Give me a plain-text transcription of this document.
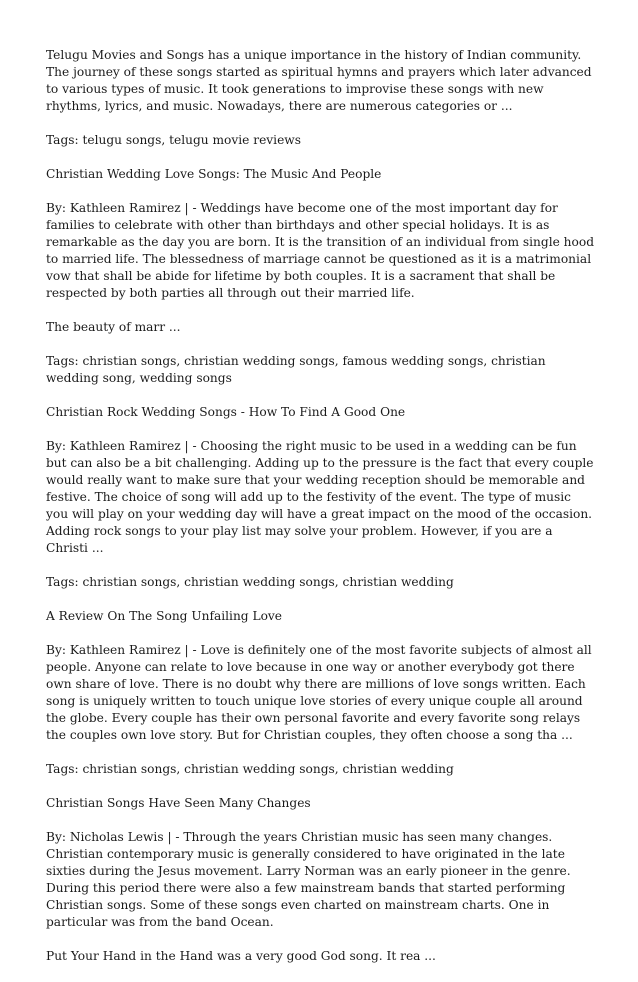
Telugu Movies and Songs has a unique importance in the history of Indian community. The journey of these songs started as spiritual hymns and prayers which later advanced to various types of music. It took generations to improvise these songs with new rhythms, lyrics, and music. Nowadays, there are numerous categories or ...

Tags: telugu songs, telugu movie reviews

Christian Wedding Love Songs: The Music And People

By: Kathleen Ramirez | - Weddings have become one of the most important day for families to celebrate with other than birthdays and other special holidays. It is as remarkable as the day you are born. It is the transition of an individual from single hood to married life. The blessedness of marriage cannot be questioned as it is a matrimonial vow that shall be abide for lifetime by both couples. It is a sacrament that shall be respected by both parties all through out their married life.

The beauty of marr ...

Tags: christian songs, christian wedding songs, famous wedding songs, christian wedding song, wedding songs

Christian Rock Wedding Songs - How To Find A Good One

By: Kathleen Ramirez | - Choosing the right music to be used in a wedding can be fun but can also be a bit challenging. Adding up to the pressure is the fact that every couple would really want to make sure that your wedding reception should be memorable and festive. The choice of song will add up to the festivity of the event. The type of music you will play on your wedding day will have a great impact on the mood of the occasion. Adding rock songs to your play list may solve your problem. However, if you are a Christi ...

Tags: christian songs, christian wedding songs, christian wedding

A Review On The Song Unfailing Love

By: Kathleen Ramirez | - Love is definitely one of the most favorite subjects of almost all people. Anyone can relate to love because in one way or another everybody got there own share of love. There is no doubt why there are millions of love songs written. Each song is uniquely written to touch unique love stories of every unique couple all around the globe. Every couple has their own personal favorite and every favorite song relays the couples own love story. But for Christian couples, they often choose a song tha ...

Tags: christian songs, christian wedding songs, christian wedding

Christian Songs Have Seen Many Changes

By: Nicholas Lewis | - Through the years Christian music has seen many changes. Christian contemporary music is generally considered to have originated in the late sixties during the Jesus movement. Larry Norman was an early pioneer in the genre. During this period there were also a few mainstream bands that started performing Christian songs. Some of these songs even charted on mainstream charts. One in particular was from the band Ocean.

Put Your Hand in the Hand was a very good God song. It rea ...
